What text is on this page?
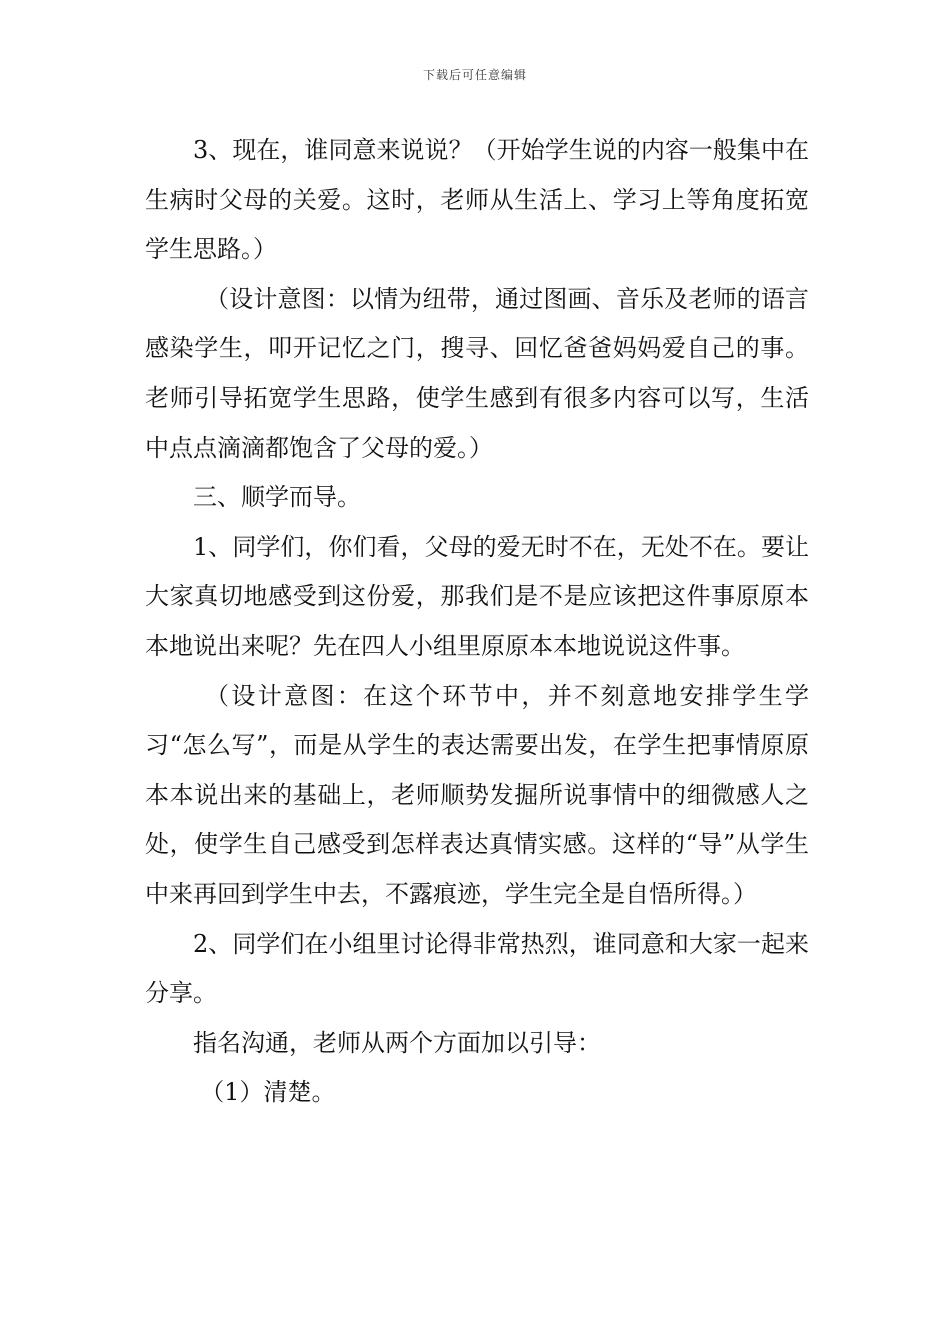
下载后可任意编辑

3、现在，谁同意来说说？（开始学生说的内容一般集中在生病时父母的关爱。这时，老师从生活上、学习上等角度拓宽学生思路。）

（设计意图：以情为纽带，通过图画、音乐及老师的语言感染学生，叩开记忆之门，搜寻、回忆爸爸妈妈爱自己的事。老师引导拓宽学生思路，使学生感到有很多内容可以写，生活中点点滴滴都饱含了父母的爱。）

三、顺学而导。

1、同学们，你们看，父母的爱无时不在，无处不在。要让大家真切地感受到这份爱，那我们是不是应该把这件事原原本本地说出来呢？先在四人小组里原原本本地说说这件事。

（设计意图：在这个环节中，并不刻意地安排学生学习“怎么写”，而是从学生的表达需要出发，在学生把事情原原本本说出来的基础上，老师顺势发掘所说事情中的细微感人之处，使学生自己感受到怎样表达真情实感。这样的“导”从学生中来再回到学生中去，不露痕迹，学生完全是自悟所得。）

2、同学们在小组里讨论得非常热烈，谁同意和大家一起来分享。

指名沟通，老师从两个方面加以引导：

（1）清楚。
